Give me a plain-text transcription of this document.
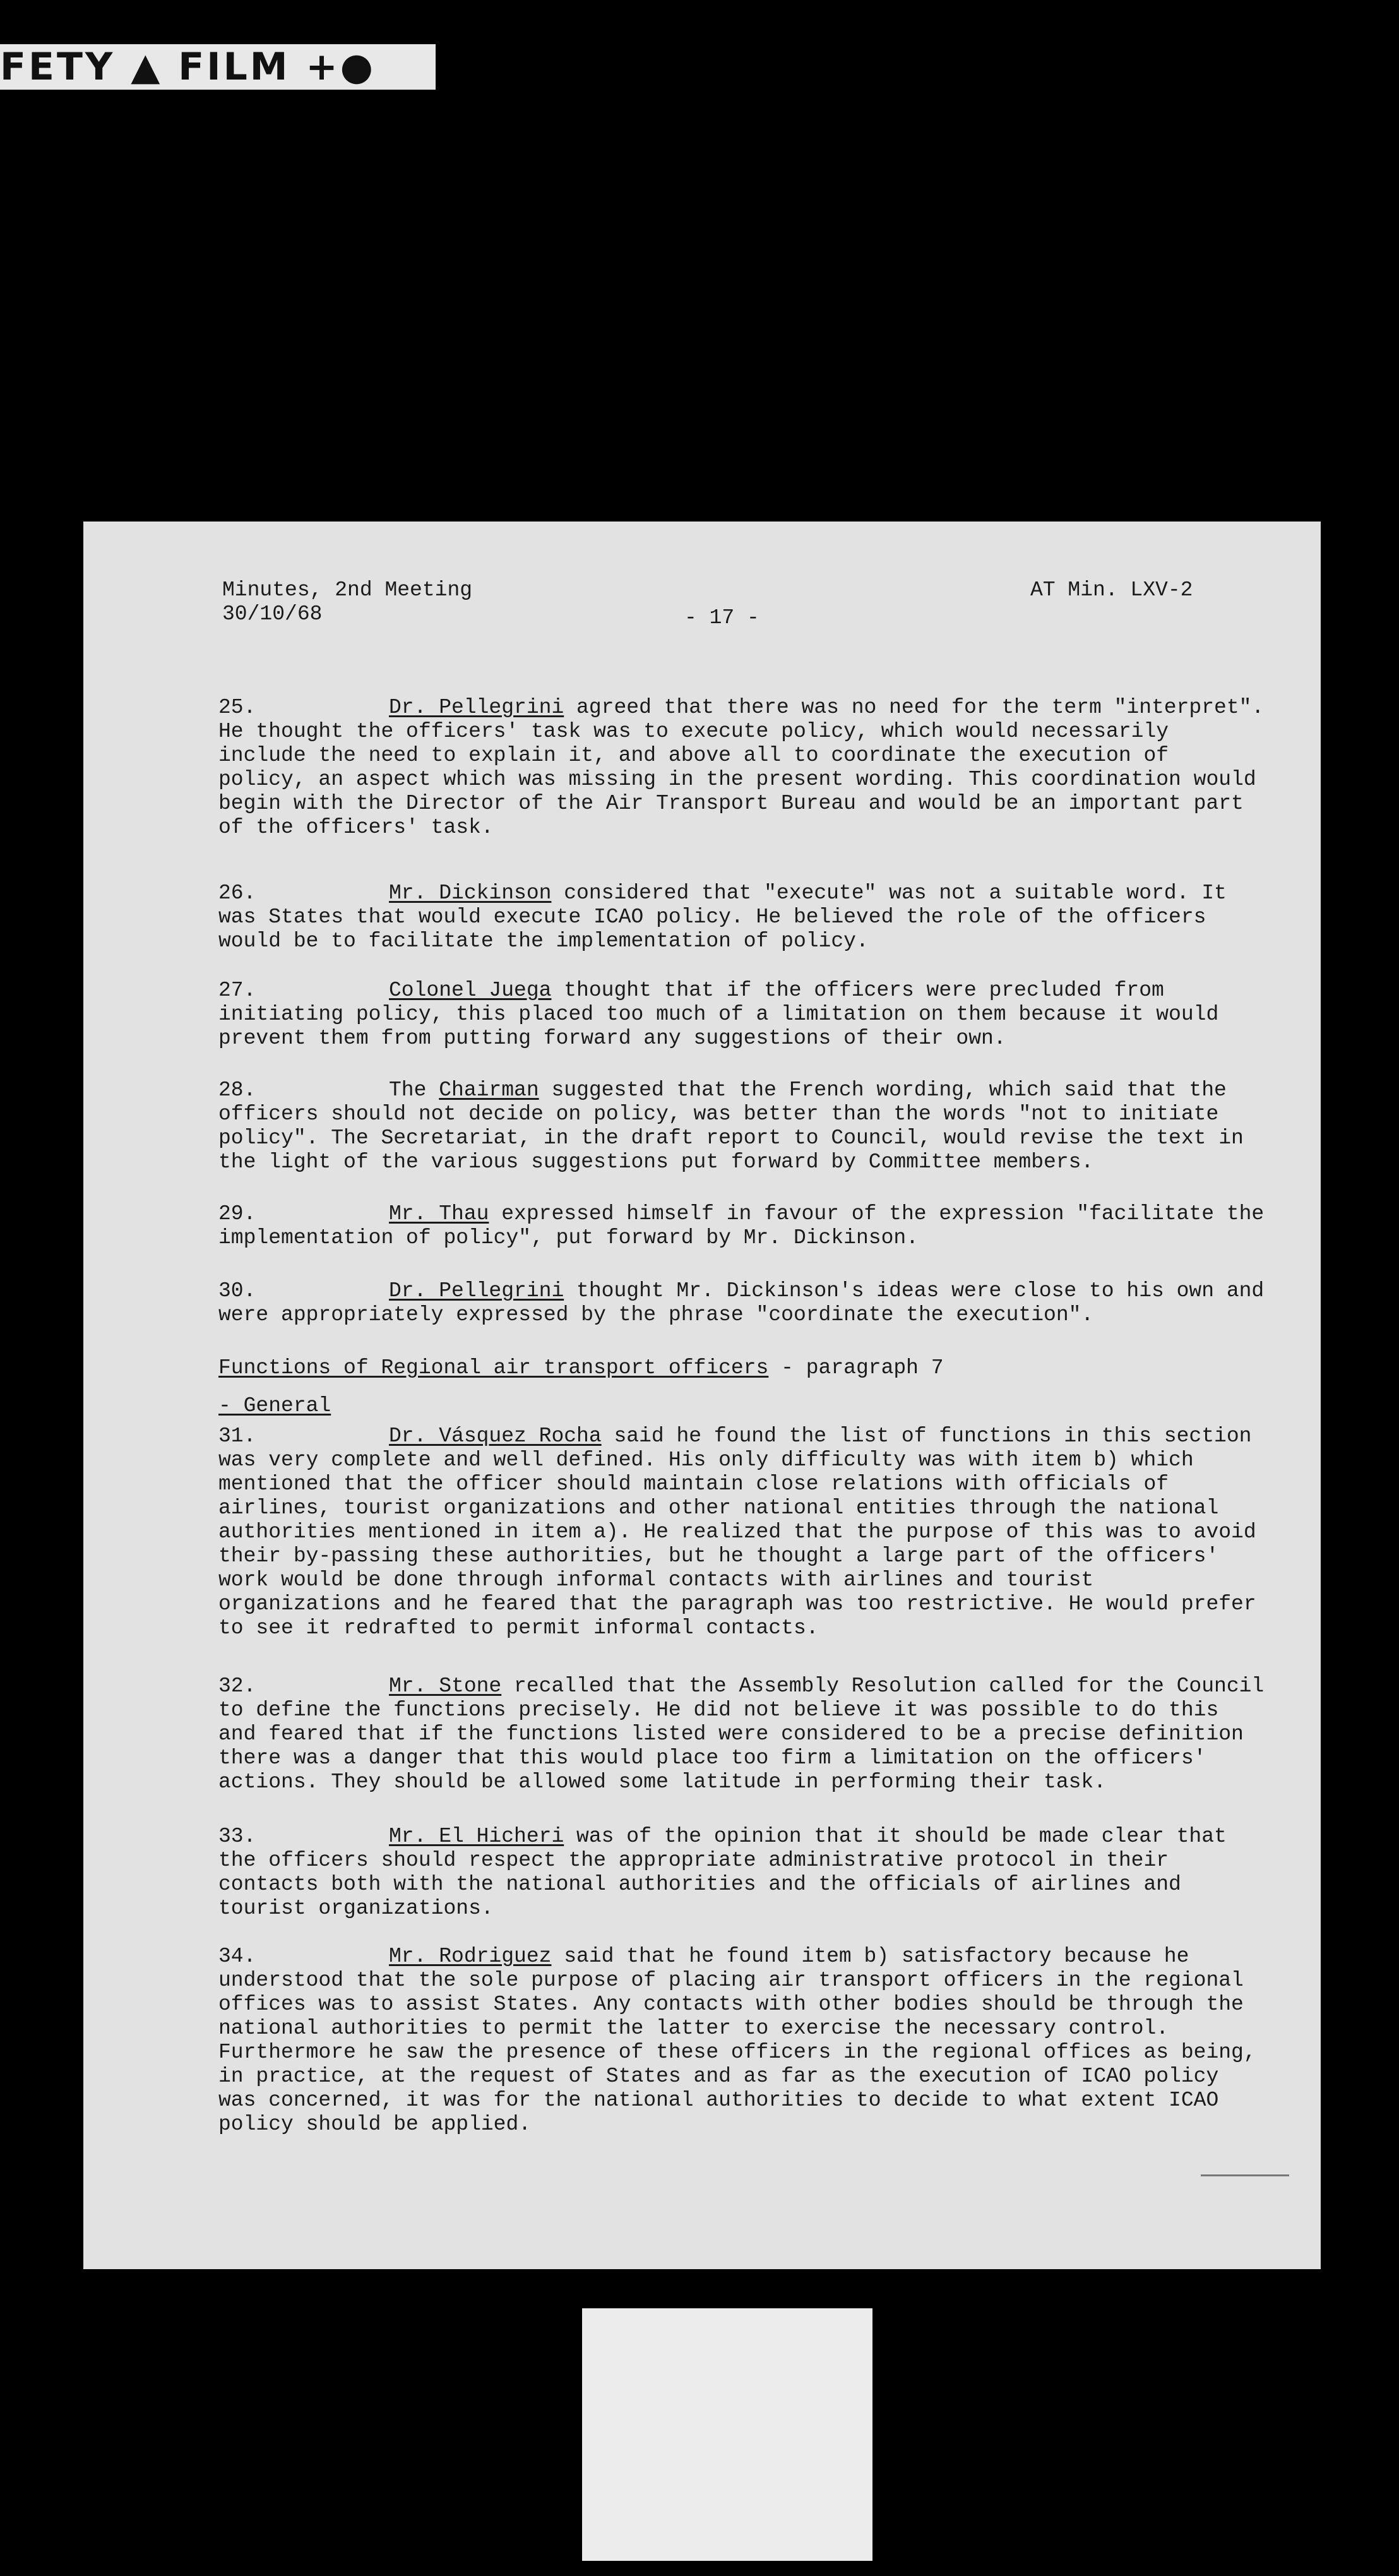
FETY ▲ FILM +●
Minutes, 2nd Meeting
30/10/68	- 17 -
AT Min. LXV-2

25.	Dr. Pellegrini agreed that there was no need for the term "interpret". He thought the officers' task was to execute policy, which would necessarily include the need to explain it, and above all to coordinate the execution of policy, an aspect which was missing in the present wording. This coordination would begin with the Director of the Air Transport Bureau and would be an important part of the officers' task.

26.	Mr. Dickinson considered that "execute" was not a suitable word. It was States that would execute ICAO policy. He believed the role of the officers would be to facilitate the implementation of policy.

27.	Colonel Juega thought that if the officers were precluded from initiating policy, this placed too much of a limitation on them because it would prevent them from putting forward any suggestions of their own.

28.	The Chairman suggested that the French wording, which said that the officers should not decide on policy, was better than the words "not to initiate policy". The Secretariat, in the draft report to Council, would revise the text in the light of the various suggestions put forward by Committee members.

29.	Mr. Thau expressed himself in favour of the expression "facilitate the implementation of policy", put forward by Mr. Dickinson.

30.	Dr. Pellegrini thought Mr. Dickinson's ideas were close to his own and were appropriately expressed by the phrase "coordinate the execution".

Functions of Regional air transport officers - paragraph 7
- General

31.	Dr. Vásquez Rocha said he found the list of functions in this section was very complete and well defined. His only difficulty was with item b) which mentioned that the officer should maintain close relations with officials of airlines, tourist organizations and other national entities through the national authorities mentioned in item a). He realized that the purpose of this was to avoid their by-passing these authorities, but he thought a large part of the officers' work would be done through informal contacts with airlines and tourist organizations and he feared that the paragraph was too restrictive. He would prefer to see it redrafted to permit informal contacts.

32.	Mr. Stone recalled that the Assembly Resolution called for the Council to define the functions precisely. He did not believe it was possible to do this and feared that if the functions listed were considered to be a precise definition there was a danger that this would place too firm a limitation on the officers' actions. They should be allowed some latitude in performing their task.

33.	Mr. El Hicheri was of the opinion that it should be made clear that the officers should respect the appropriate administrative protocol in their contacts both with the national authorities and the officials of airlines and tourist organizations.

34.	Mr. Rodriguez said that he found item b) satisfactory because he understood that the sole purpose of placing air transport officers in the regional offices was to assist States. Any contacts with other bodies should be through the national authorities to permit the latter to exercise the necessary control. Furthermore he saw the presence of these officers in the regional offices as being, in practice, at the request of States and as far as the execution of ICAO policy was concerned, it was for the national authorities to decide to what extent ICAO policy should be applied.
